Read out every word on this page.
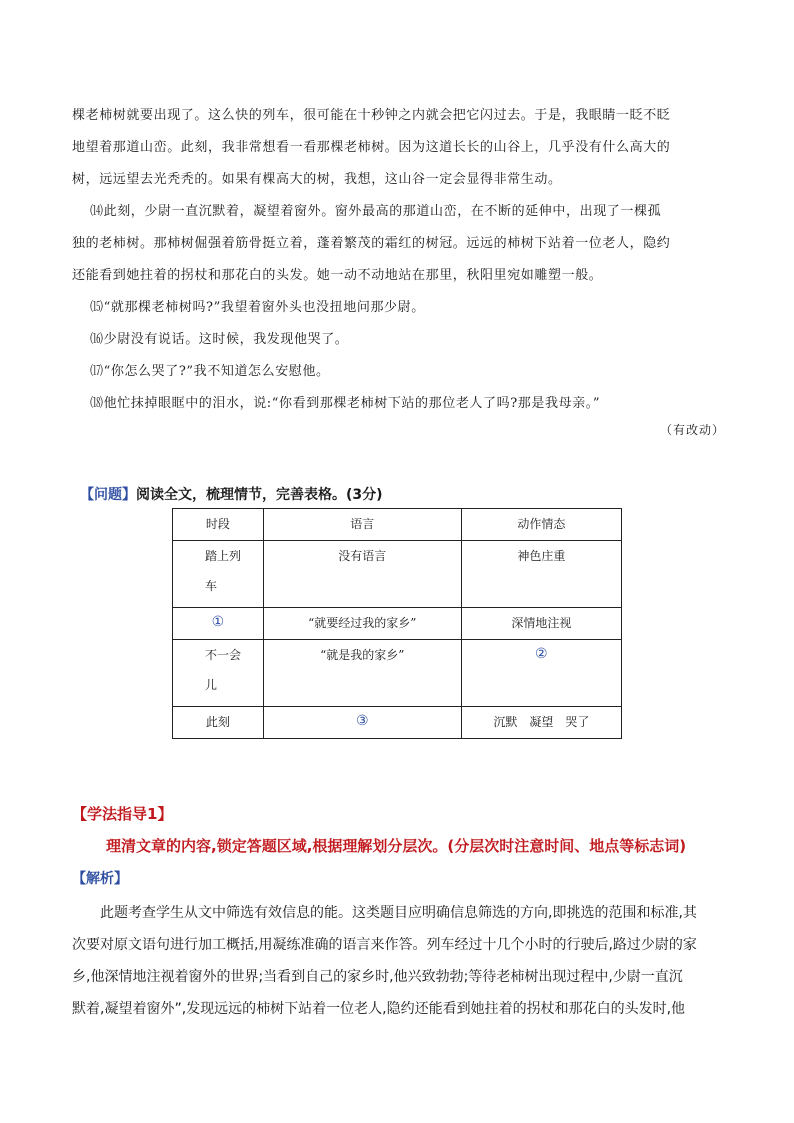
棵老柿树就要出现了。这么快的列车，很可能在十秒钟之内就会把它闪过去。于是，我眼睛一眨不眨
地望着那道山峦。此刻，我非常想看一看那棵老柿树。因为这道长长的山谷上，几乎没有什么高大的
树，远远望去光秃秃的。如果有棵高大的树，我想，这山谷一定会显得非常生动。
⒁此刻，少尉一直沉默着，凝望着窗外。窗外最高的那道山峦，在不断的延伸中，出现了一棵孤
独的老柿树。那柿树倔强着筋骨挺立着，蓬着繁茂的霜红的树冠。远远的柿树下站着一位老人，隐约
还能看到她拄着的拐杖和那花白的头发。她一动不动地站在那里，秋阳里宛如雕塑一般。
⒂“就那棵老柿树吗?”我望着窗外头也没扭地问那少尉。
⒃少尉没有说话。这时候，我发现他哭了。
⒄“你怎么哭了?”我不知道怎么安慰他。
⒅他忙抹掉眼眶中的泪水，说:“你看到那棵老柿树下站的那位老人了吗?那是我母亲。”
（有改动）
【问题】阅读全文，梳理情节，完善表格。(3分)
时段	语言	动作情态

踏上列车	没有语言	神色庄重
①	“就要经过我的家乡”	深情地注视

不一会儿	“就是我的家乡”	②
此刻	③	沉默　凝望　哭了
【学法指导1】
理清文章的内容,锁定答题区域,根据理解划分层次。(分层次时注意时间、地点等标志词)
【解析】
　　此题考查学生从文中筛选有效信息的能。这类题目应明确信息筛选的方向,即挑选的范围和标准,其
次要对原文语句进行加工概括,用凝练准确的语言来作答。列车经过十几个小时的行驶后,路过少尉的家
乡,他深情地注视着窗外的世界;当看到自己的家乡时,他兴致勃勃;等待老柿树出现过程中,少尉一直沉
默着,凝望着窗外”,发现远远的柿树下站着一位老人,隐约还能看到她拄着的拐杖和那花白的头发时,他
